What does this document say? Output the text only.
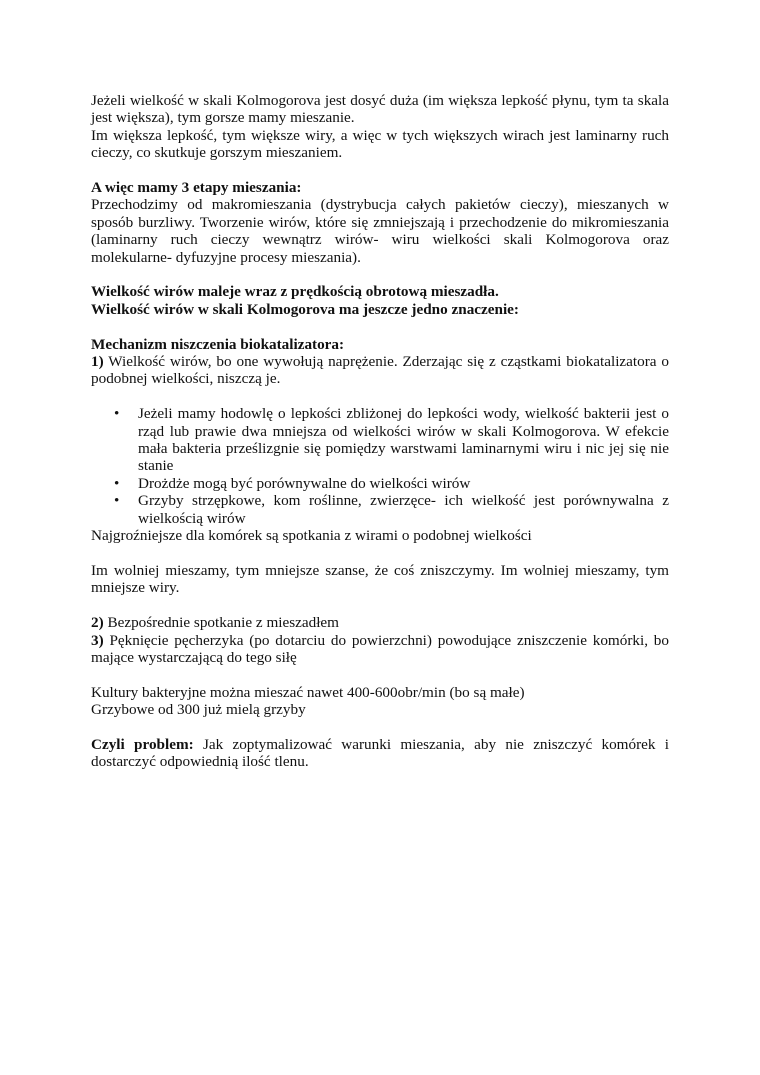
Jeżeli wielkość w skali Kolmogorova jest dosyć duża (im większa lepkość płynu, tym ta skala jest większa), tym gorsze mamy mieszanie.

Im większa lepkość, tym większe wiry, a więc w tych większych wirach jest laminarny ruch cieczy, co skutkuje gorszym mieszaniem.

A więc mamy 3 etapy mieszania:

Przechodzimy od makromieszania (dystrybucja całych pakietów cieczy), mieszanych w sposób burzliwy. Tworzenie wirów, które się zmniejszają i przechodzenie do mikromieszania (laminarny ruch cieczy wewnątrz wirów- wiru wielkości skali Kolmogorova oraz molekularne- dyfuzyjne procesy mieszania).

Wielkość wirów maleje wraz z prędkością obrotową mieszadła.

Wielkość wirów w skali Kolmogorova ma jeszcze jedno znaczenie:

Mechanizm niszczenia biokatalizatora:

1) Wielkość wirów, bo one wywołują naprężenie. Zderzając się z cząstkami biokatalizatora o podobnej wielkości, niszczą je.

• Jeżeli mamy hodowlę o lepkości zbliżonej do lepkości wody, wielkość bakterii jest o rząd lub prawie dwa mniejsza od wielkości wirów w skali Kolmogorova. W efekcie mała bakteria prześlizgnie się pomiędzy warstwami laminarnymi wiru i nic jej się nie stanie
• Drożdże mogą być porównywalne do wielkości wirów
• Grzyby strzępkowe, kom roślinne, zwierzęce- ich wielkość jest porównywalna z wielkością wirów

Najgroźniejsze dla komórek są spotkania z wirami o podobnej wielkości

Im wolniej mieszamy, tym mniejsze szanse, że coś zniszczymy. Im wolniej mieszamy, tym mniejsze wiry.

2) Bezpośrednie spotkanie z mieszadłem

3) Pęknięcie pęcherzyka (po dotarciu do powierzchni) powodujące zniszczenie komórki, bo mające wystarczającą do tego siłę

Kultury bakteryjne można mieszać nawet 400-600obr/min (bo są małe)

Grzybowe od 300 już mielą grzyby

Czyli problem: Jak zoptymalizować warunki mieszania, aby nie zniszczyć komórek i dostarczyć odpowiednią ilość tlenu.
